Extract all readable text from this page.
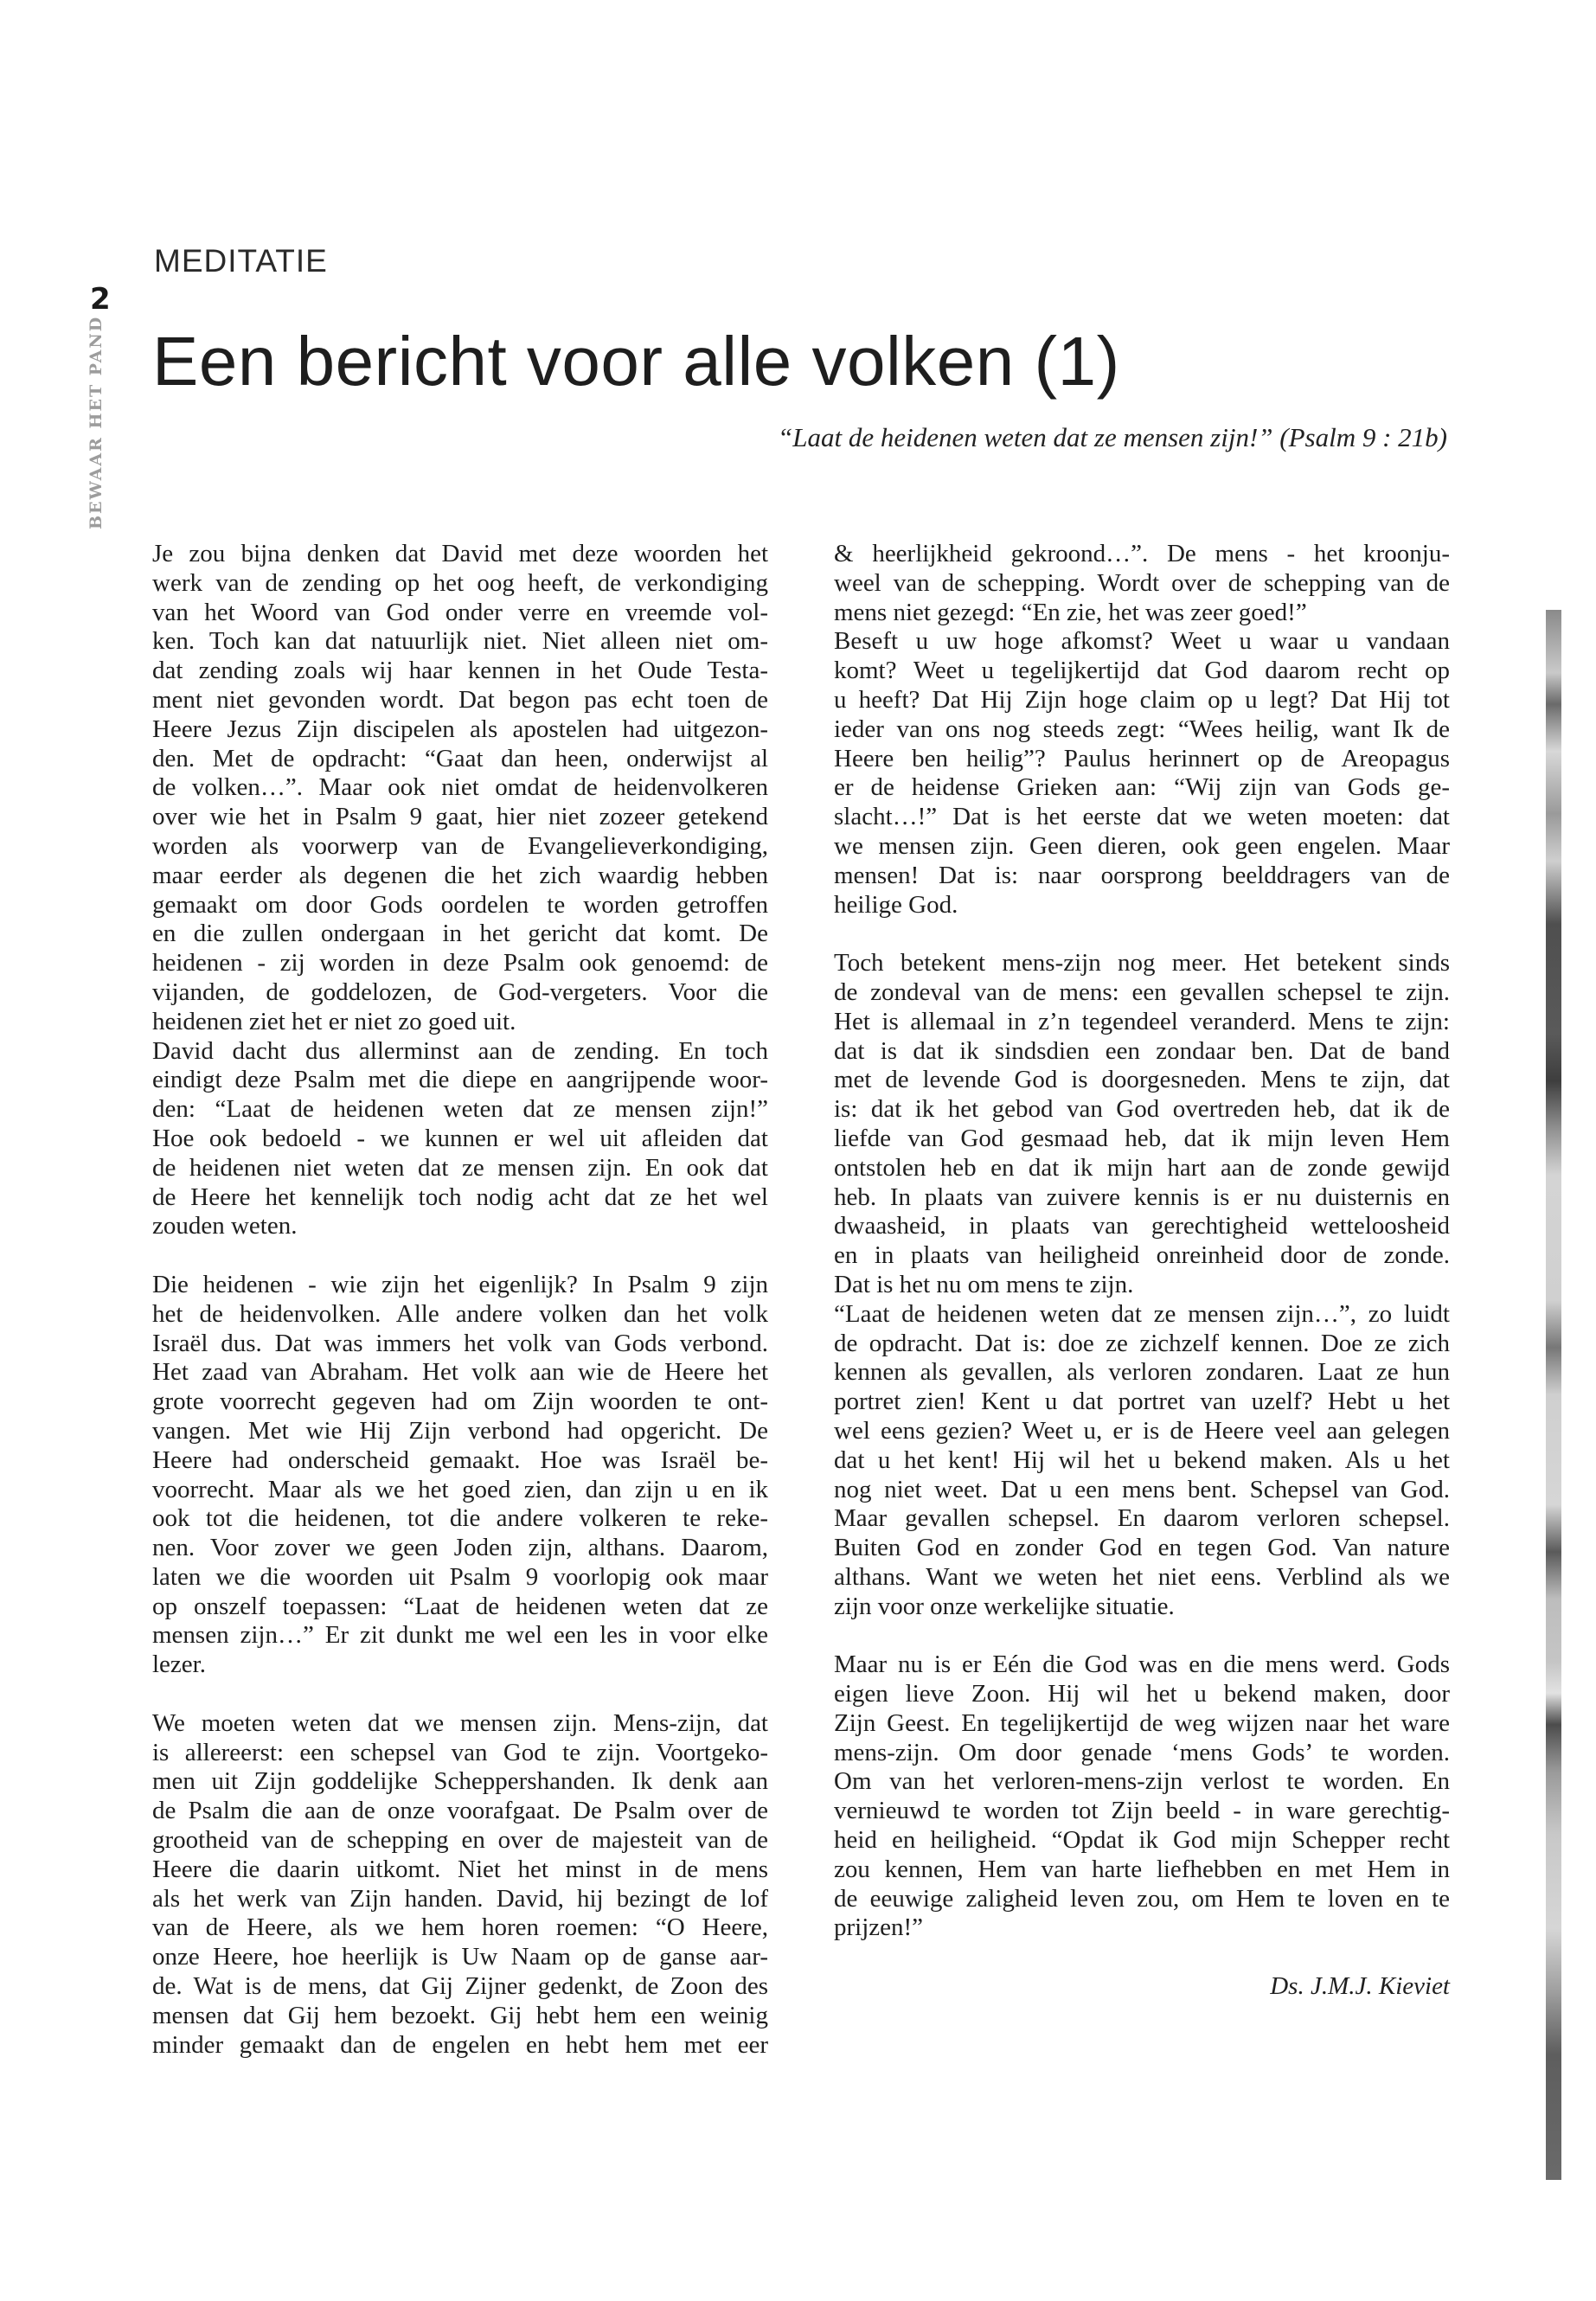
MEDITATIE
2
BEWAAR HET PAND Een bericht voor alle volken (1)
“Laat de heidenen weten dat ze mensen zijn!” (Psalm 9 : 21b)
Je zou bijna denken dat David met deze woorden het
werk van de zending op het oog heeft, de verkondiging
van het Woord van God onder verre en vreemde vol-
ken. Toch kan dat natuurlijk niet. Niet alleen niet om-
dat zending zoals wij haar kennen in het Oude Testa-
ment niet gevonden wordt. Dat begon pas echt toen de
Heere Jezus Zijn discipelen als apostelen had uitgezon-
den. Met de opdracht: “Gaat dan heen, onderwijst al
de volken…”. Maar ook niet omdat de heidenvolkeren
over wie het in Psalm 9 gaat, hier niet zozeer getekend
worden als voorwerp van de Evangelieverkondiging,
maar eerder als degenen die het zich waardig hebben
gemaakt om door Gods oordelen te worden getroffen
en die zullen ondergaan in het gericht dat komt. De
heidenen - zij worden in deze Psalm ook genoemd: de
vijanden, de goddelozen, de God-vergeters. Voor die
heidenen ziet het er niet zo goed uit.
David dacht dus allerminst aan de zending. En toch
eindigt deze Psalm met die diepe en aangrijpende woor-
den: “Laat de heidenen weten dat ze mensen zijn!”
Hoe ook bedoeld - we kunnen er wel uit afleiden dat
de heidenen niet weten dat ze mensen zijn. En ook dat
de Heere het kennelijk toch nodig acht dat ze het wel
zouden weten.
Die heidenen - wie zijn het eigenlijk? In Psalm 9 zijn
het de heidenvolken. Alle andere volken dan het volk
Israël dus. Dat was immers het volk van Gods verbond.
Het zaad van Abraham. Het volk aan wie de Heere het
grote voorrecht gegeven had om Zijn woorden te ont-
vangen. Met wie Hij Zijn verbond had opgericht. De
Heere had onderscheid gemaakt. Hoe was Israël be-
voorrecht. Maar als we het goed zien, dan zijn u en ik
ook tot die heidenen, tot die andere volkeren te reke-
nen. Voor zover we geen Joden zijn, althans. Daarom,
laten we die woorden uit Psalm 9 voorlopig ook maar
op onszelf toepassen: “Laat de heidenen weten dat ze
mensen zijn…” Er zit dunkt me wel een les in voor elke
lezer.
We moeten weten dat we mensen zijn. Mens-zijn, dat
is allereerst: een schepsel van God te zijn. Voortgeko-
men uit Zijn goddelijke Scheppershanden. Ik denk aan
de Psalm die aan de onze voorafgaat. De Psalm over de
grootheid van de schepping en over de majesteit van de
Heere die daarin uitkomt. Niet het minst in de mens
als het werk van Zijn handen. David, hij bezingt de lof
van de Heere, als we hem horen roemen: “O Heere,
onze Heere, hoe heerlijk is Uw Naam op de ganse aar-
de. Wat is de mens, dat Gij Zijner gedenkt, de Zoon des
mensen dat Gij hem bezoekt. Gij hebt hem een weinig
minder gemaakt dan de engelen en hebt hem met eer
& heerlijkheid gekroond…”. De mens - het kroonju-
weel van de schepping. Wordt over de schepping van de
mens niet gezegd: “En zie, het was zeer goed!”
Beseft u uw hoge afkomst? Weet u waar u vandaan
komt? Weet u tegelijkertijd dat God daarom recht op
u heeft? Dat Hij Zijn hoge claim op u legt? Dat Hij tot
ieder van ons nog steeds zegt: “Wees heilig, want Ik de
Heere ben heilig”? Paulus herinnert op de Areopagus
er de heidense Grieken aan: “Wij zijn van Gods ge-
slacht…!” Dat is het eerste dat we weten moeten: dat
we mensen zijn. Geen dieren, ook geen engelen. Maar
mensen! Dat is: naar oorsprong beelddragers van de
heilige God.
Toch betekent mens-zijn nog meer. Het betekent sinds
de zondeval van de mens: een gevallen schepsel te zijn.
Het is allemaal in z’n tegendeel veranderd. Mens te zijn:
dat is dat ik sindsdien een zondaar ben. Dat de band
met de levende God is doorgesneden. Mens te zijn, dat
is: dat ik het gebod van God overtreden heb, dat ik de
liefde van God gesmaad heb, dat ik mijn leven Hem
ontstolen heb en dat ik mijn hart aan de zonde gewijd
heb. In plaats van zuivere kennis is er nu duisternis en
dwaasheid, in plaats van gerechtigheid wetteloosheid
en in plaats van heiligheid onreinheid door de zonde.
Dat is het nu om mens te zijn.
“Laat de heidenen weten dat ze mensen zijn…”, zo luidt
de opdracht. Dat is: doe ze zichzelf kennen. Doe ze zich
kennen als gevallen, als verloren zondaren. Laat ze hun
portret zien! Kent u dat portret van uzelf? Hebt u het
wel eens gezien? Weet u, er is de Heere veel aan gelegen
dat u het kent! Hij wil het u bekend maken. Als u het
nog niet weet. Dat u een mens bent. Schepsel van God.
Maar gevallen schepsel. En daarom verloren schepsel.
Buiten God en zonder God en tegen God. Van nature
althans. Want we weten het niet eens. Verblind als we
zijn voor onze werkelijke situatie.
Maar nu is er Eén die God was en die mens werd. Gods
eigen lieve Zoon. Hij wil het u bekend maken, door
Zijn Geest. En tegelijkertijd de weg wijzen naar het ware
mens-zijn. Om door genade ‘mens Gods’ te worden.
Om van het verloren-mens-zijn verlost te worden. En
vernieuwd te worden tot Zijn beeld - in ware gerechtig-
heid en heiligheid. “Opdat ik God mijn Schepper recht
zou kennen, Hem van harte liefhebben en met Hem in
de eeuwige zaligheid leven zou, om Hem te loven en te
prijzen!”
Ds. J.M.J. Kieviet
